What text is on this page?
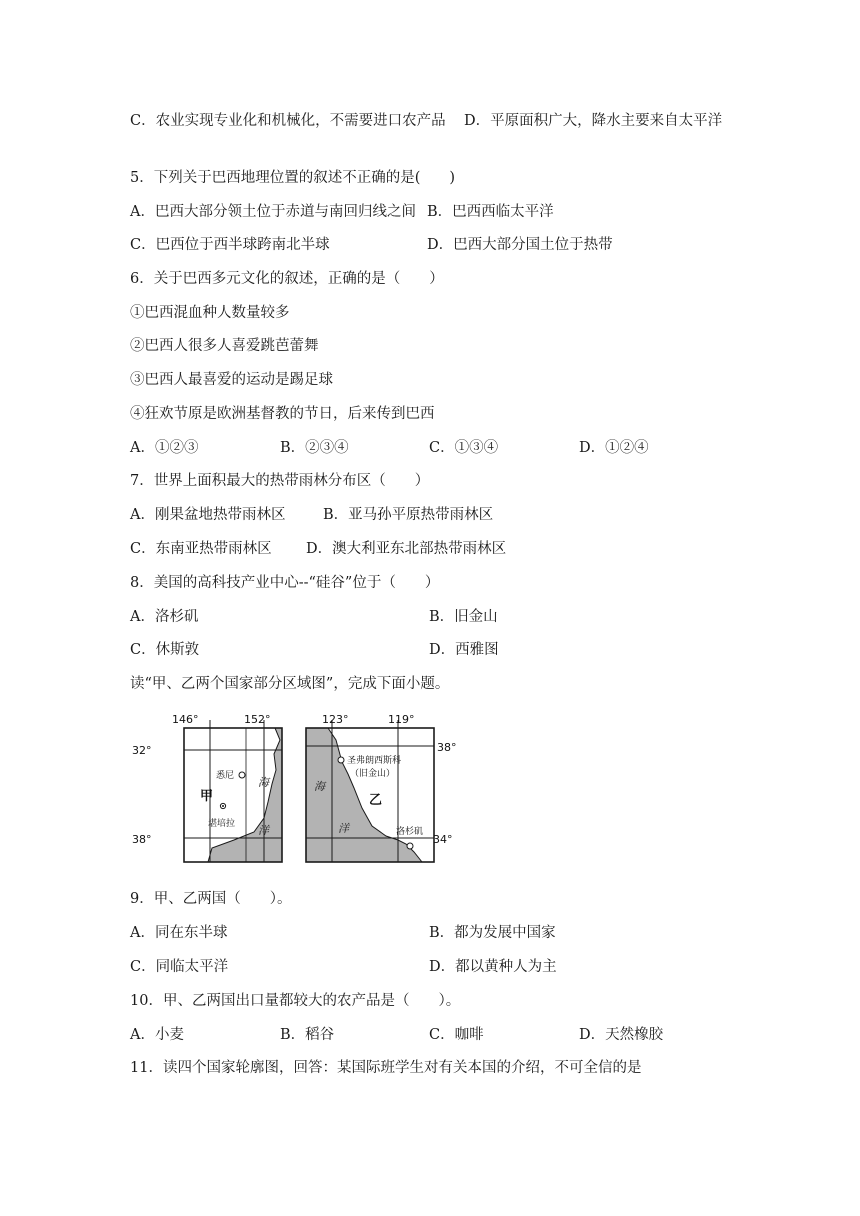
C．农业实现专业化和机械化，不需要进口农产品 D．平原面积广大，降水主要来自太平洋
5．下列关于巴西地理位置的叙述不正确的是(　　)
A．巴西大部分领土位于赤道与南回归线之间 B．巴西西临太平洋
C．巴西位于西半球跨南北半球	D．巴西大部分国土位于热带
6．关于巴西多元文化的叙述，正确的是（　　）
①巴西混血种人数量较多
②巴西人很多人喜爱跳芭蕾舞
③巴西人最喜爱的运动是踢足球
④狂欢节原是欧洲基督教的节日，后来传到巴西
A．①②③	B．②③④	C．①③④	D．①②④
7．世界上面积最大的热带雨林分布区（　　）
A．刚果盆地热带雨林区	B．亚马孙平原热带雨林区
C．东南亚热带雨林区 D．澳大利亚东北部热带雨林区
8．美国的高科技产业中心--“硅谷”位于（　　）
A．洛杉矶	B．旧金山
C．休斯敦	D．西雅图
读“甲、乙两个国家部分区域图”，完成下面小题。
146°	152°
32°
38°
甲
悉尼
堪培拉
海
洋
123°	119°
38°
34°
圣弗朗西斯科
（旧金山）
乙
洛杉矶
海
洋
9．甲、乙两国（　　）。
A．同在东半球	B．都为发展中国家
C．同临太平洋	D．都以黄种人为主
10．甲、乙两国出口量都较大的农产品是（　　）。
A．小麦	B．稻谷	C．咖啡	D．天然橡胶
11．读四个国家轮廓图，回答：某国际班学生对有关本国的介绍，不可全信的是
